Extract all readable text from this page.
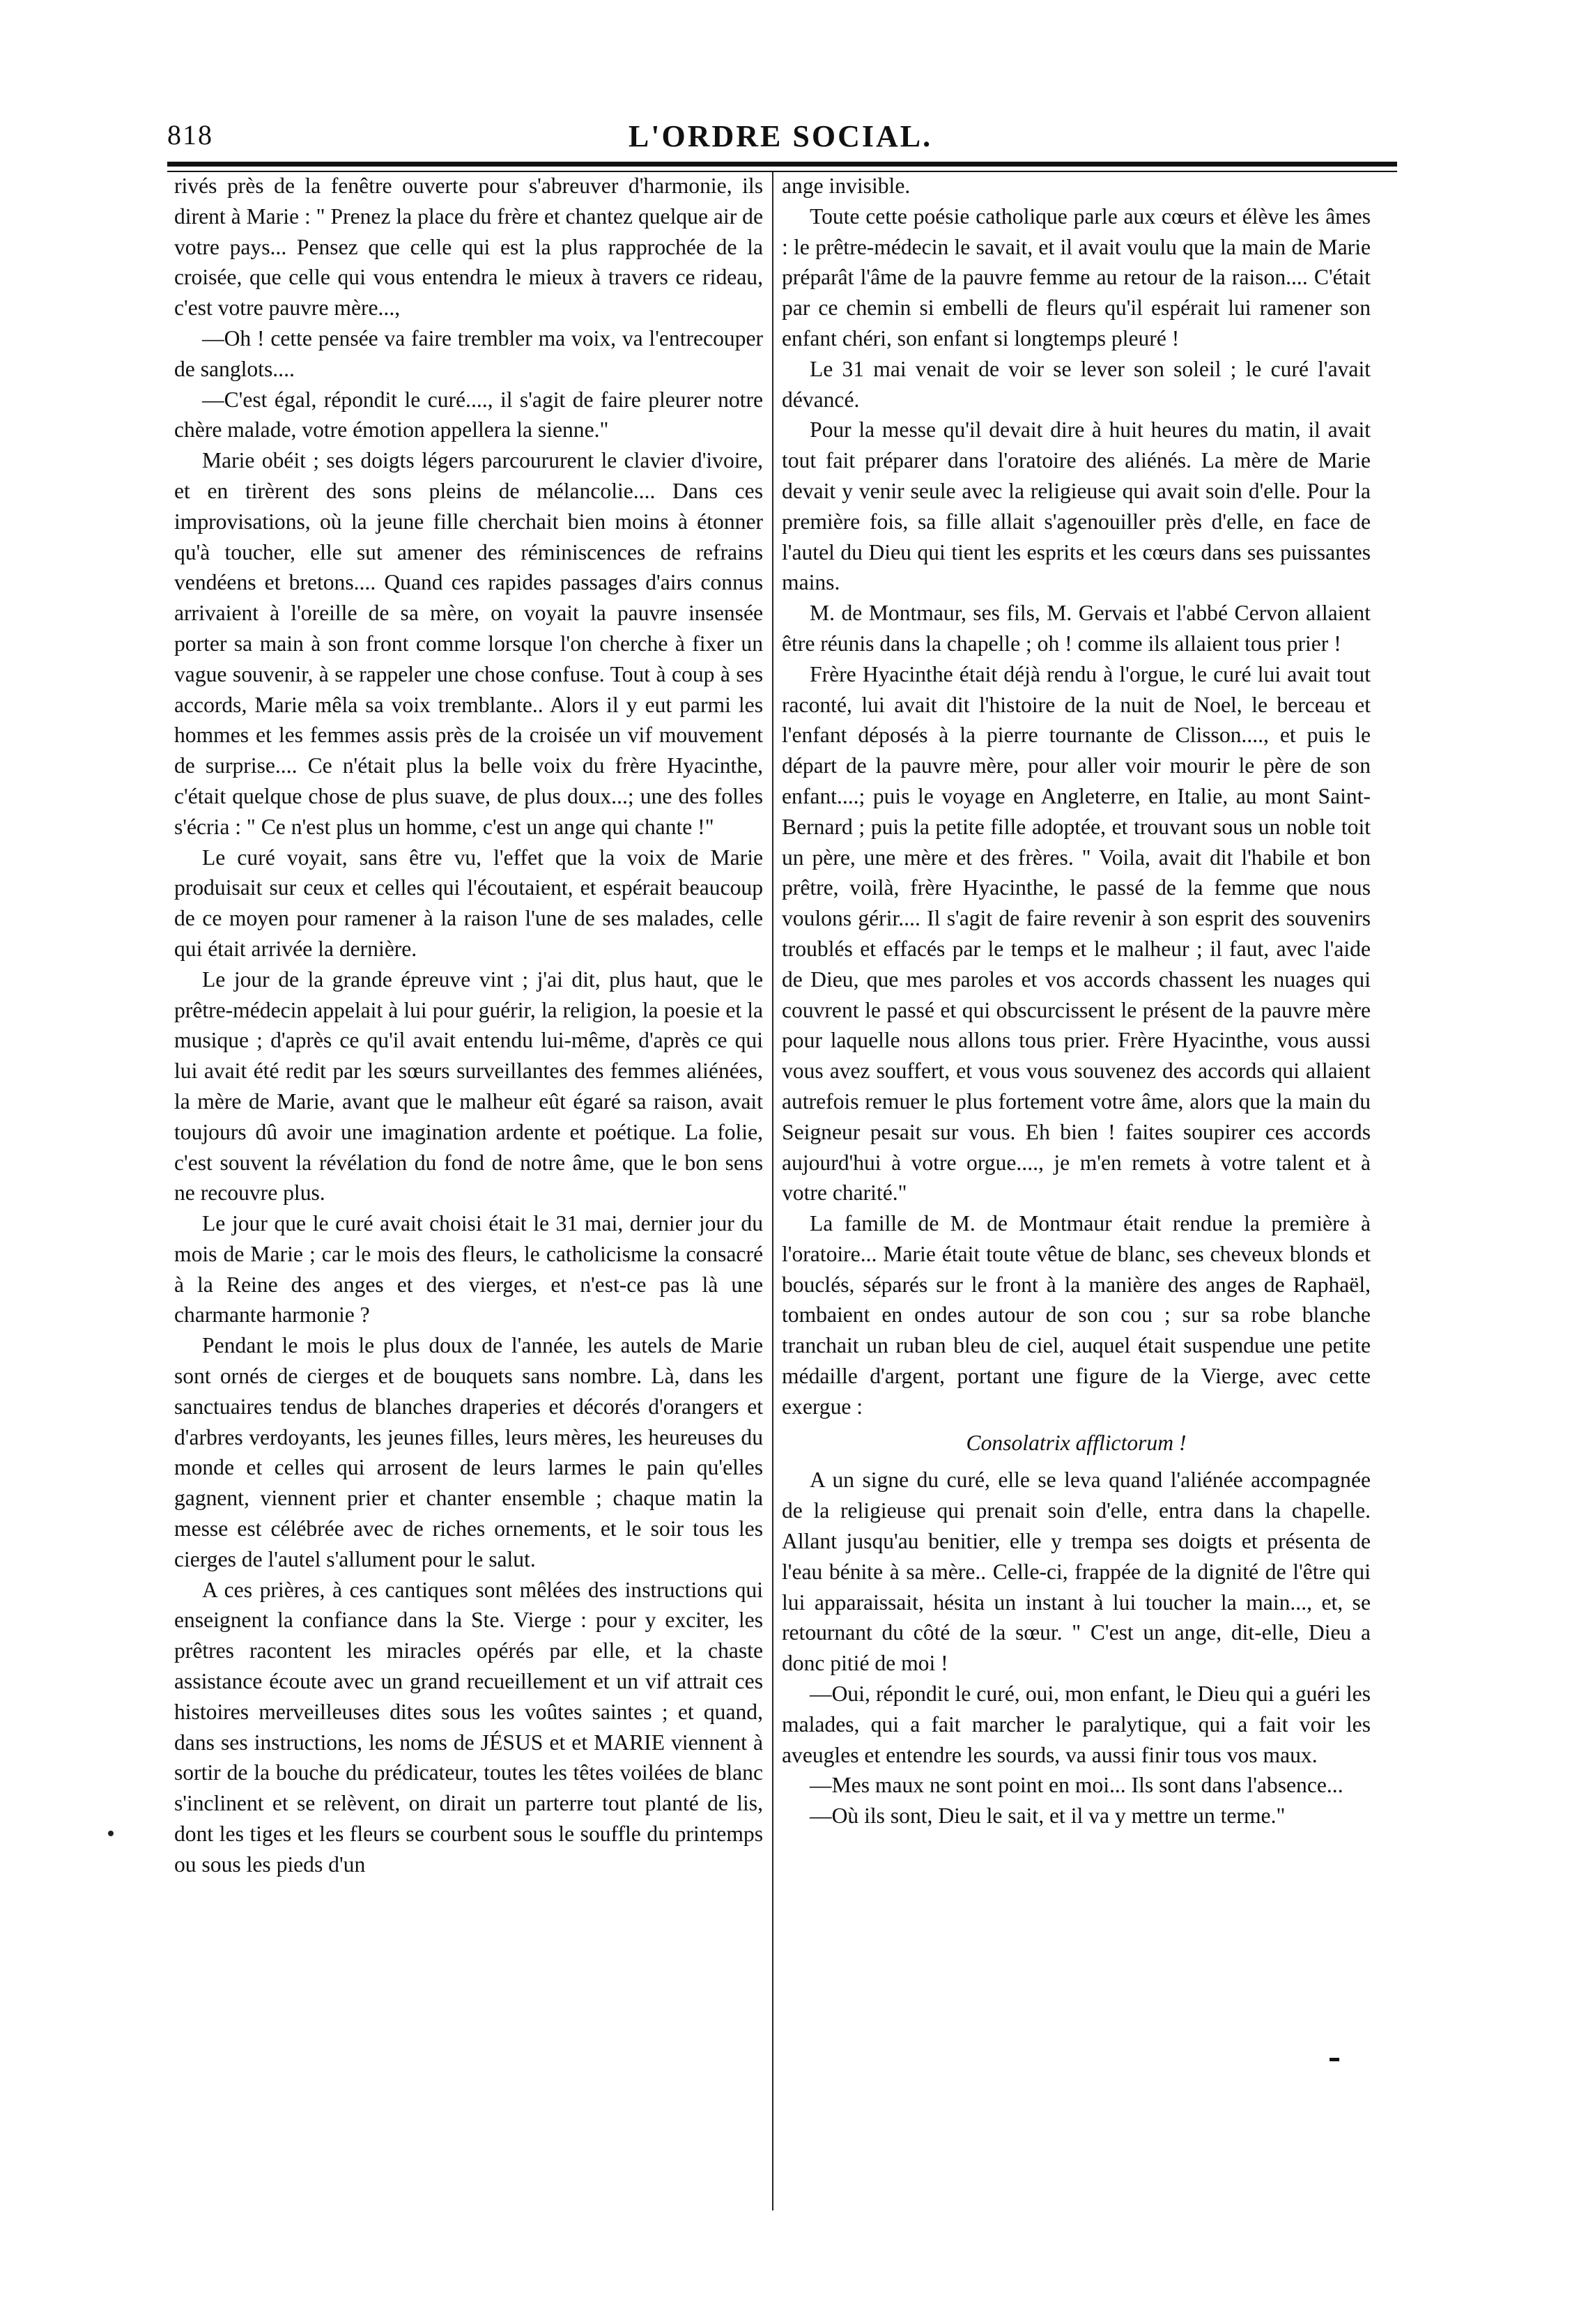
818	L'ORDRE SOCIAL.

rivés près de la fenêtre ouverte pour s'abreuver d'harmonie, ils dirent à Marie : " Prenez la place du frère et chantez quelque air de votre pays... Pensez que celle qui est la plus rapprochée de la croisée, que celle qui vous entendra le mieux à travers ce rideau, c'est votre pauvre mère...,

—Oh ! cette pensée va faire trembler ma voix, va l'entrecouper de sanglots....

—C'est égal, répondit le curé...., il s'agit de faire pleurer notre chère malade, votre émotion appellera la sienne."

Marie obéit ; ses doigts légers parcoururent le clavier d'ivoire, et en tirèrent des sons pleins de mélancolie.... Dans ces improvisations, où la jeune fille cherchait bien moins à étonner qu'à toucher, elle sut amener des réminiscences de refrains vendéens et bretons.... Quand ces rapides passages d'airs connus arrivaient à l'oreille de sa mère, on voyait la pauvre insensée porter sa main à son front comme lorsque l'on cherche à fixer un vague souvenir, à se rappeler une chose confuse. Tout à coup à ses accords, Marie mêla sa voix tremblante.. Alors il y eut parmi les hommes et les femmes assis près de la croisée un vif mouvement de surprise.... Ce n'était plus la belle voix du frère Hyacinthe, c'était quelque chose de plus suave, de plus doux...; une des folles s'écria : " Ce n'est plus un homme, c'est un ange qui chante !"

Le curé voyait, sans être vu, l'effet que la voix de Marie produisait sur ceux et celles qui l'écoutaient, et espérait beaucoup de ce moyen pour ramener à la raison l'une de ses malades, celle qui était arrivée la dernière.

Le jour de la grande épreuve vint ; j'ai dit, plus haut, que le prêtre-médecin appelait à lui pour guérir, la religion, la poesie et la musique ; d'après ce qu'il avait entendu lui-même, d'après ce qui lui avait été redit par les sœurs surveillantes des femmes aliénées, la mère de Marie, avant que le malheur eût égaré sa raison, avait toujours dû avoir une imagination ardente et poétique. La folie, c'est souvent la révélation du fond de notre âme, que le bon sens ne recouvre plus.

Le jour que le curé avait choisi était le 31 mai, dernier jour du mois de Marie ; car le mois des fleurs, le catholicisme la consacré à la Reine des anges et des vierges, et n'est-ce pas là une charmante harmonie ?

Pendant le mois le plus doux de l'année, les autels de Marie sont ornés de cierges et de bouquets sans nombre. Là, dans les sanctuaires tendus de blanches draperies et décorés d'orangers et d'arbres verdoyants, les jeunes filles, leurs mères, les heureuses du monde et celles qui arrosent de leurs larmes le pain qu'elles gagnent, viennent prier et chanter ensemble ; chaque matin la messe est célébrée avec de riches ornements, et le soir tous les cierges de l'autel s'allument pour le salut.

A ces prières, à ces cantiques sont mêlées des instructions qui enseignent la confiance dans la Ste. Vierge : pour y exciter, les prêtres racontent les miracles opérés par elle, et la chaste assistance écoute avec un grand recueillement et un vif attrait ces histoires merveilleuses dites sous les voûtes saintes ; et quand, dans ses instructions, les noms de JÉSUS et et MARIE viennent à sortir de la bouche du prédicateur, toutes les têtes voilées de blanc s'inclinent et se relèvent, on dirait un parterre tout planté de lis, dont les tiges et les fleurs se courbent sous le souffle du printemps ou sous les pieds d'un

ange invisible.

Toute cette poésie catholique parle aux cœurs et élève les âmes : le prêtre-médecin le savait, et il avait voulu que la main de Marie préparât l'âme de la pauvre femme au retour de la raison.... C'était par ce chemin si embelli de fleurs qu'il espérait lui ramener son enfant chéri, son enfant si longtemps pleuré !

Le 31 mai venait de voir se lever son soleil ; le curé l'avait dévancé.

Pour la messe qu'il devait dire à huit heures du matin, il avait tout fait préparer dans l'oratoire des aliénés. La mère de Marie devait y venir seule avec la religieuse qui avait soin d'elle. Pour la première fois, sa fille allait s'agenouiller près d'elle, en face de l'autel du Dieu qui tient les esprits et les cœurs dans ses puissantes mains.

M. de Montmaur, ses fils, M. Gervais et l'abbé Cervon allaient être réunis dans la chapelle ; oh ! comme ils allaient tous prier !

Frère Hyacinthe était déjà rendu à l'orgue, le curé lui avait tout raconté, lui avait dit l'histoire de la nuit de Noel, le berceau et l'enfant déposés à la pierre tournante de Clisson...., et puis le départ de la pauvre mère, pour aller voir mourir le père de son enfant....; puis le voyage en Angleterre, en Italie, au mont Saint-Bernard ; puis la petite fille adoptée, et trouvant sous un noble toit un père, une mère et des frères. " Voila, avait dit l'habile et bon prêtre, voilà, frère Hyacinthe, le passé de la femme que nous voulons gérir.... Il s'agit de faire revenir à son esprit des souvenirs troublés et effacés par le temps et le malheur ; il faut, avec l'aide de Dieu, que mes paroles et vos accords chassent les nuages qui couvrent le passé et qui obscurcissent le présent de la pauvre mère pour laquelle nous allons tous prier. Frère Hyacinthe, vous aussi vous avez souffert, et vous vous souvenez des accords qui allaient autrefois remuer le plus fortement votre âme, alors que la main du Seigneur pesait sur vous. Eh bien ! faites soupirer ces accords aujourd'hui à votre orgue...., je m'en remets à votre talent et à votre charité."

La famille de M. de Montmaur était rendue la première à l'oratoire... Marie était toute vêtue de blanc, ses cheveux blonds et bouclés, séparés sur le front à la manière des anges de Raphaël, tombaient en ondes autour de son cou ; sur sa robe blanche tranchait un ruban bleu de ciel, auquel était suspendue une petite médaille d'argent, portant une figure de la Vierge, avec cette exergue :

Consolatrix afflictorum !

A un signe du curé, elle se leva quand l'aliénée accompagnée de la religieuse qui prenait soin d'elle, entra dans la chapelle. Allant jusqu'au benitier, elle y trempa ses doigts et présenta de l'eau bénite à sa mère.. Celle-ci, frappée de la dignité de l'être qui lui apparaissait, hésita un instant à lui toucher la main..., et, se retournant du côté de la sœur. " C'est un ange, dit-elle, Dieu a donc pitié de moi !

—Oui, répondit le curé, oui, mon enfant, le Dieu qui a guéri les malades, qui a fait marcher le paralytique, qui a fait voir les aveugles et entendre les sourds, va aussi finir tous vos maux.

—Mes maux ne sont point en moi... Ils sont dans l'absence...

—Où ils sont, Dieu le sait, et il va y mettre un terme."
